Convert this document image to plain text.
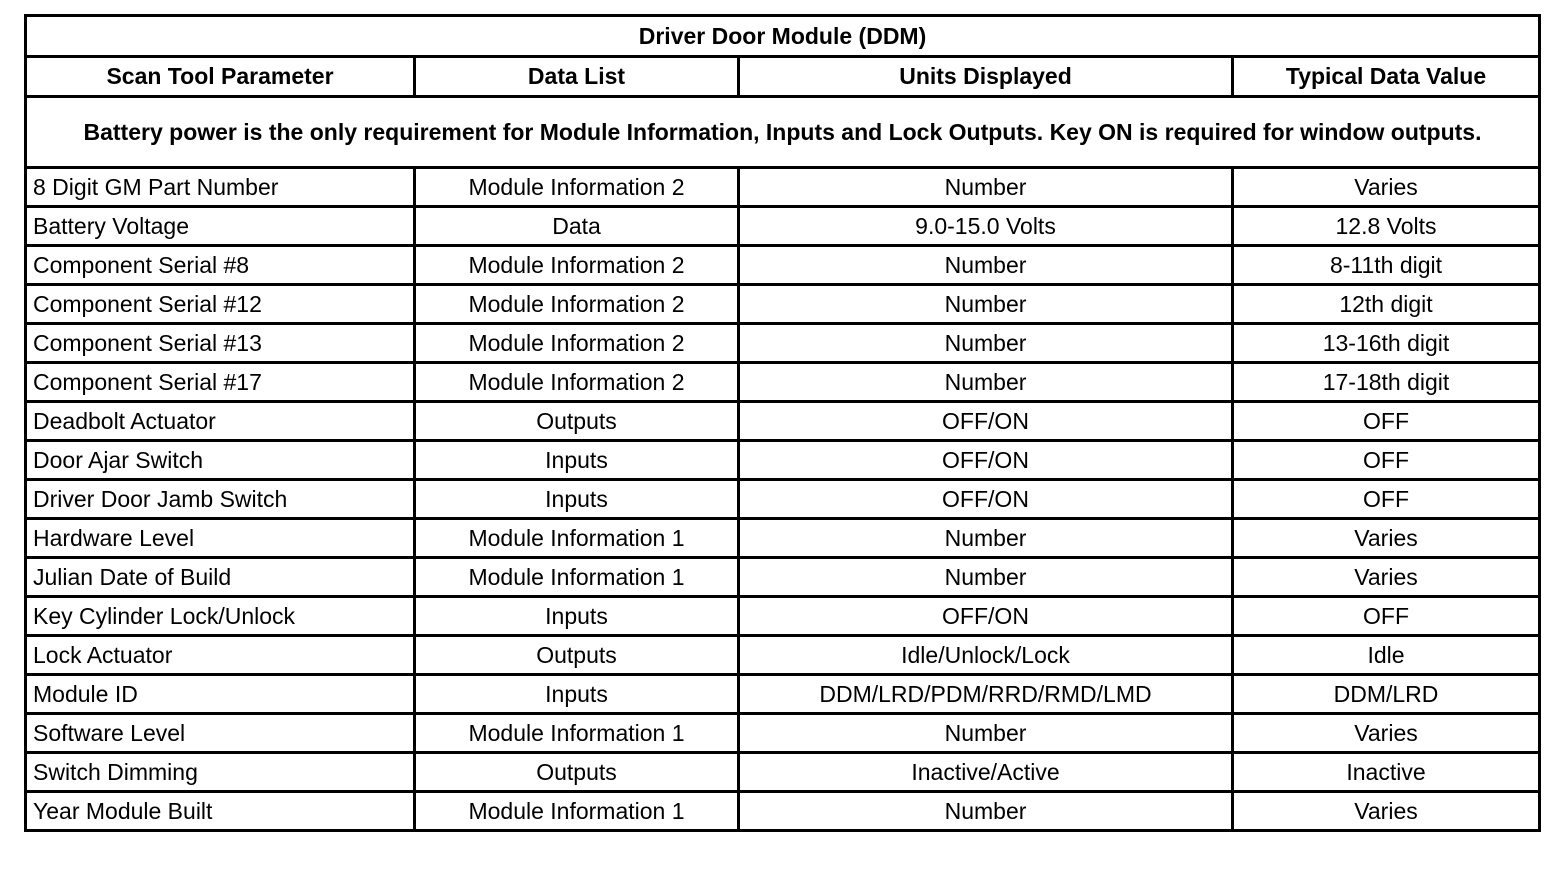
Driver Door Module (DDM)			
Scan Tool Parameter	Data List	Units Displayed	Typical Data Value
Battery power is the only requirement for Module Information, Inputs and Lock Outputs. Key ON is required for window outputs.			
8 Digit GM Part Number	Module Information 2	Number	Varies
Battery Voltage	Data	9.0-15.0 Volts	12.8 Volts
Component Serial #8	Module Information 2	Number	8-11th digit
Component Serial #12	Module Information 2	Number	12th digit
Component Serial #13	Module Information 2	Number	13-16th digit
Component Serial #17	Module Information 2	Number	17-18th digit
Deadbolt Actuator	Outputs	OFF/ON	OFF
Door Ajar Switch	Inputs	OFF/ON	OFF
Driver Door Jamb Switch	Inputs	OFF/ON	OFF
Hardware Level	Module Information 1	Number	Varies
Julian Date of Build	Module Information 1	Number	Varies
Key Cylinder Lock/Unlock	Inputs	OFF/ON	OFF
Lock Actuator	Outputs	Idle/Unlock/Lock	Idle
Module ID	Inputs	DDM/LRD/PDM/RRD/RMD/LMD	DDM/LRD
Software Level	Module Information 1	Number	Varies
Switch Dimming	Outputs	Inactive/Active	Inactive
Year Module Built	Module Information 1	Number	Varies
